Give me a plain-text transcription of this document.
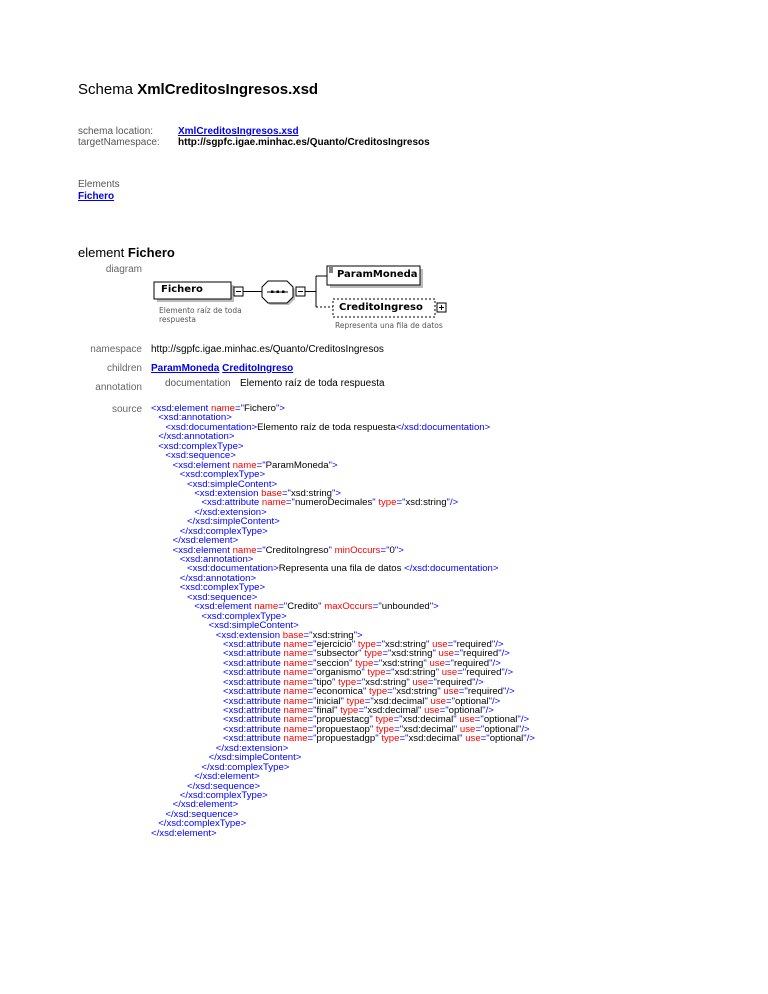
Schema XmlCreditosIngresos.xsd
schema location: XmlCreditosIngresos.xsd
targetNamespace: http://sgpfc.igae.minhac.es/Quanto/CreditosIngresos
Elements
Fichero
element Fichero
diagram
namespace http://sgpfc.igae.minhac.es/Quanto/CreditosIngresos
children ParamMoneda CreditoIngreso
annotation documentation Elemento raíz de toda respuesta
source
Fichero
Elemento raíz de toda
respuesta
ParamMoneda
CreditoIngreso
Representa una fila de datos
<xsd:element name="Fichero">
<xsd:annotation>
<xsd:documentation>Elemento raíz de toda respuesta</xsd:documentation>
</xsd:annotation>
<xsd:complexType>
<xsd:sequence>
<xsd:element name="ParamMoneda">
<xsd:complexType>
<xsd:simpleContent>
<xsd:extension base="xsd:string">
<xsd:attribute name="numeroDecimales" type="xsd:string"/>
</xsd:extension>
</xsd:simpleContent>
</xsd:complexType>
</xsd:element>
<xsd:element name="CreditoIngreso" minOccurs="0">
<xsd:annotation>
<xsd:documentation>Representa una fila de datos </xsd:documentation>
</xsd:annotation>
<xsd:complexType>
<xsd:sequence>
<xsd:element name="Credito" maxOccurs="unbounded">
<xsd:complexType>
<xsd:simpleContent>
<xsd:extension base="xsd:string">
<xsd:attribute name="ejercicio" type="xsd:string" use="required"/>
<xsd:attribute name="subsector" type="xsd:string" use="required"/>
<xsd:attribute name="seccion" type="xsd:string" use="required"/>
<xsd:attribute name="organismo" type="xsd:string" use="required"/>
<xsd:attribute name="tipo" type="xsd:string" use="required"/>
<xsd:attribute name="economica" type="xsd:string" use="required"/>
<xsd:attribute name="inicial" type="xsd:decimal" use="optional"/>
<xsd:attribute name="final" type="xsd:decimal" use="optional"/>
<xsd:attribute name="propuestacg" type="xsd:decimal" use="optional"/>
<xsd:attribute name="propuestaop" type="xsd:decimal" use="optional"/>
<xsd:attribute name="propuestadgp" type="xsd:decimal" use="optional"/>
</xsd:extension>
</xsd:simpleContent>
</xsd:complexType>
</xsd:element>
</xsd:sequence>
</xsd:complexType>
</xsd:element>
</xsd:sequence>
</xsd:complexType>
</xsd:element>
